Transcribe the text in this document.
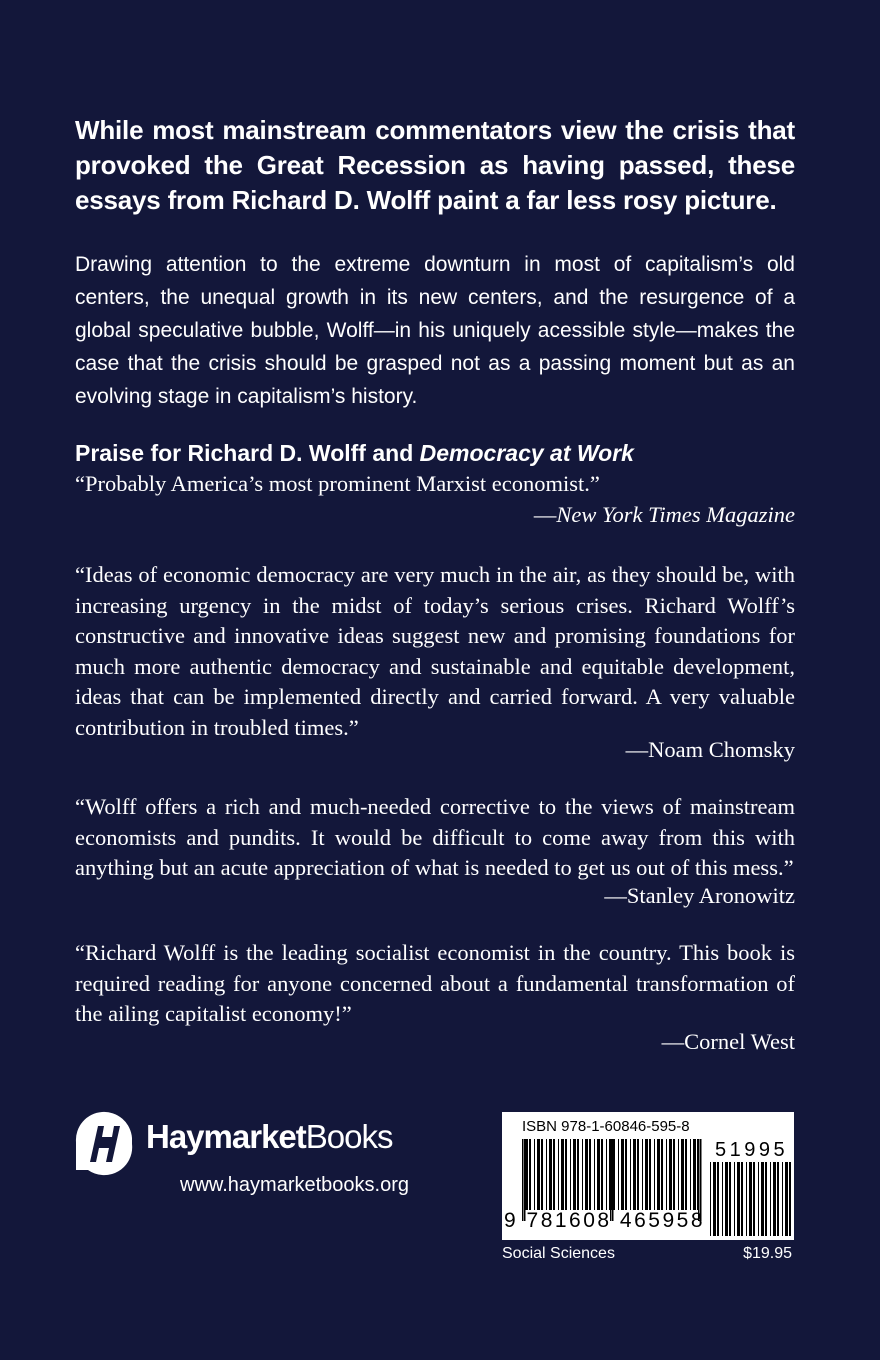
While most mainstream commentators view the crisis that provoked the Great Recession as having passed, these essays from Richard D. Wolff paint a far less rosy picture.
Drawing attention to the extreme downturn in most of capitalism’s old centers, the unequal growth in its new centers, and the resurgence of a global speculative bubble, Wolff—in his uniquely acessible style—makes the case that the crisis should be grasped not as a passing moment but as an evolving stage in capitalism’s history.
Praise for Richard D. Wolff and Democracy at Work
“Probably America’s most prominent Marxist economist.”
—New York Times Magazine
“Ideas of economic democracy are very much in the air, as they should be, with increasing urgency in the midst of today’s serious crises. Richard Wolff’s constructive and innovative ideas suggest new and promising foundations for much more authentic democracy and sustainable and equitable development, ideas that can be implemented directly and carried forward. A very valuable contribution in troubled times.”
—Noam Chomsky
“Wolff offers a rich and much-needed corrective to the views of mainstream economists and pundits. It would be difficult to come away from this with anything but an acute appreciation of what is needed to get us out of this mess.”
—Stanley Aronowitz
“Richard Wolff is the leading socialist economist in the country. This book is required reading for anyone concerned about a fundamental transformation of the ailing capitalist economy!”
—Cornel West
HaymarketBooks
www.haymarketbooks.org
ISBN 978-1-60846-595-8
9 781608 465958
51995
Social Sciences	$19.95
